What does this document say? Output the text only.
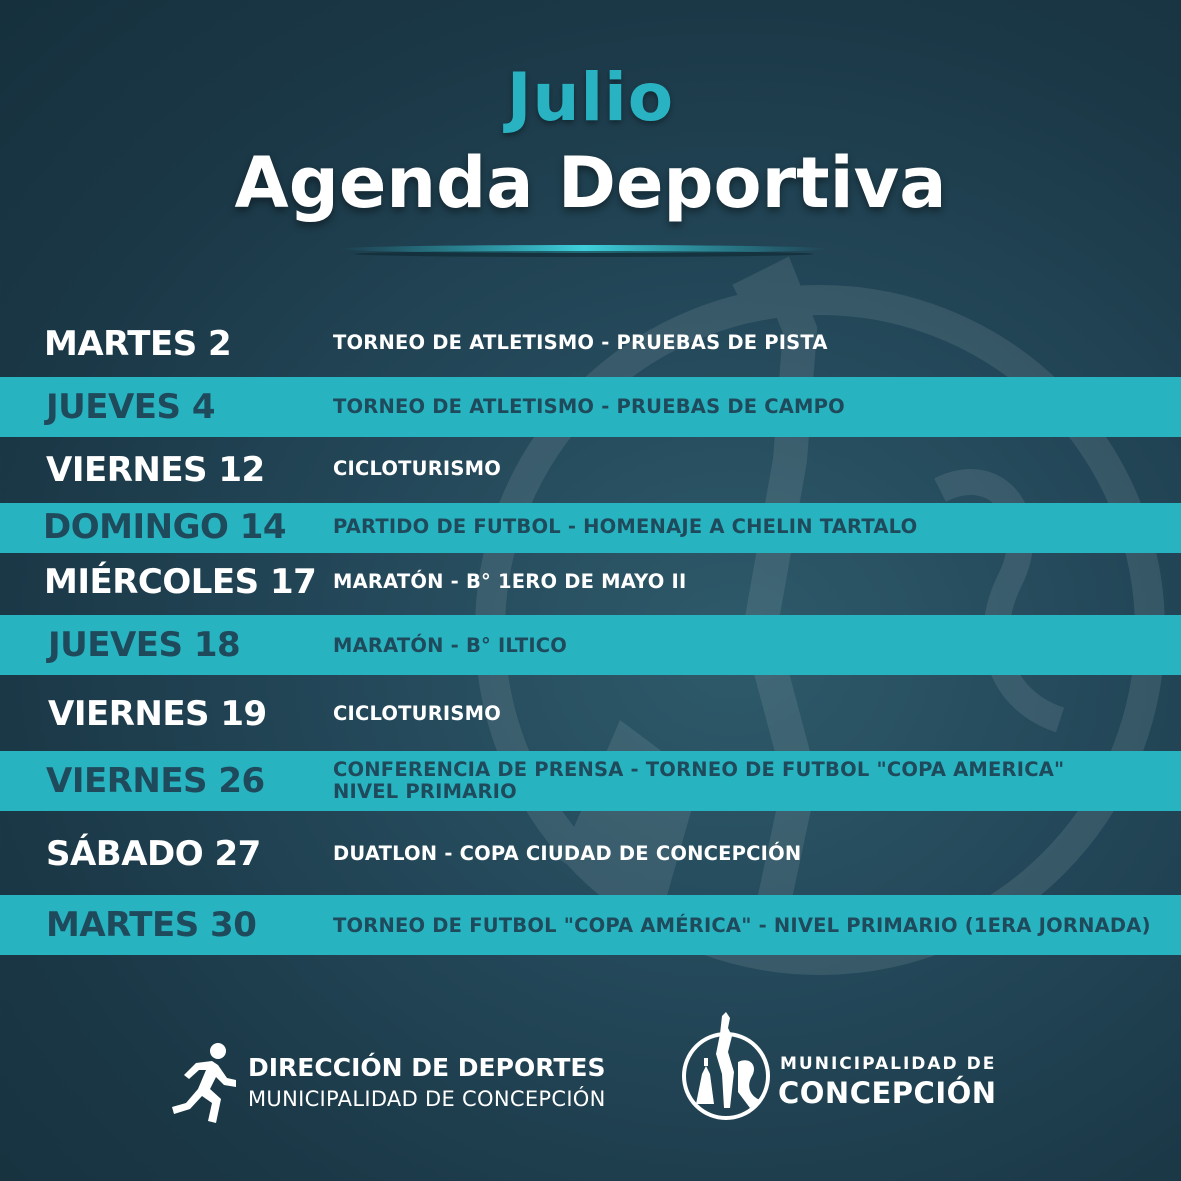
Julio
Agenda Deportiva
MARTES 2	TORNEO DE ATLETISMO - PRUEBAS DE PISTA
JUEVES 4	TORNEO DE ATLETISMO - PRUEBAS DE CAMPO
VIERNES 12	CICLOTURISMO
DOMINGO 14 PARTIDO DE FUTBOL - HOMENAJE A CHELIN TARTALO
MIÉRCOLES 17 MARATÓN - B° 1ERO DE MAYO II
JUEVES 18	MARATÓN - B° ILTICO
VIERNES 19	CICLOTURISMO
VIERNES 26	CONFERENCIA DE PRENSA - TORNEO DE FUTBOL "COPA AMERICA"
NIVEL PRIMARIO
SÁBADO 27	DUATLON - COPA CIUDAD DE CONCEPCIÓN
MARTES 30	TORNEO DE FUTBOL "COPA AMÉRICA" - NIVEL PRIMARIO (1ERA JORNADA)
DIRECCIÓN DE DEPORTES
MUNICIPALIDAD DE CONCEPCIÓN
MUNICIPALIDAD DE
CONCEPCIÓN
